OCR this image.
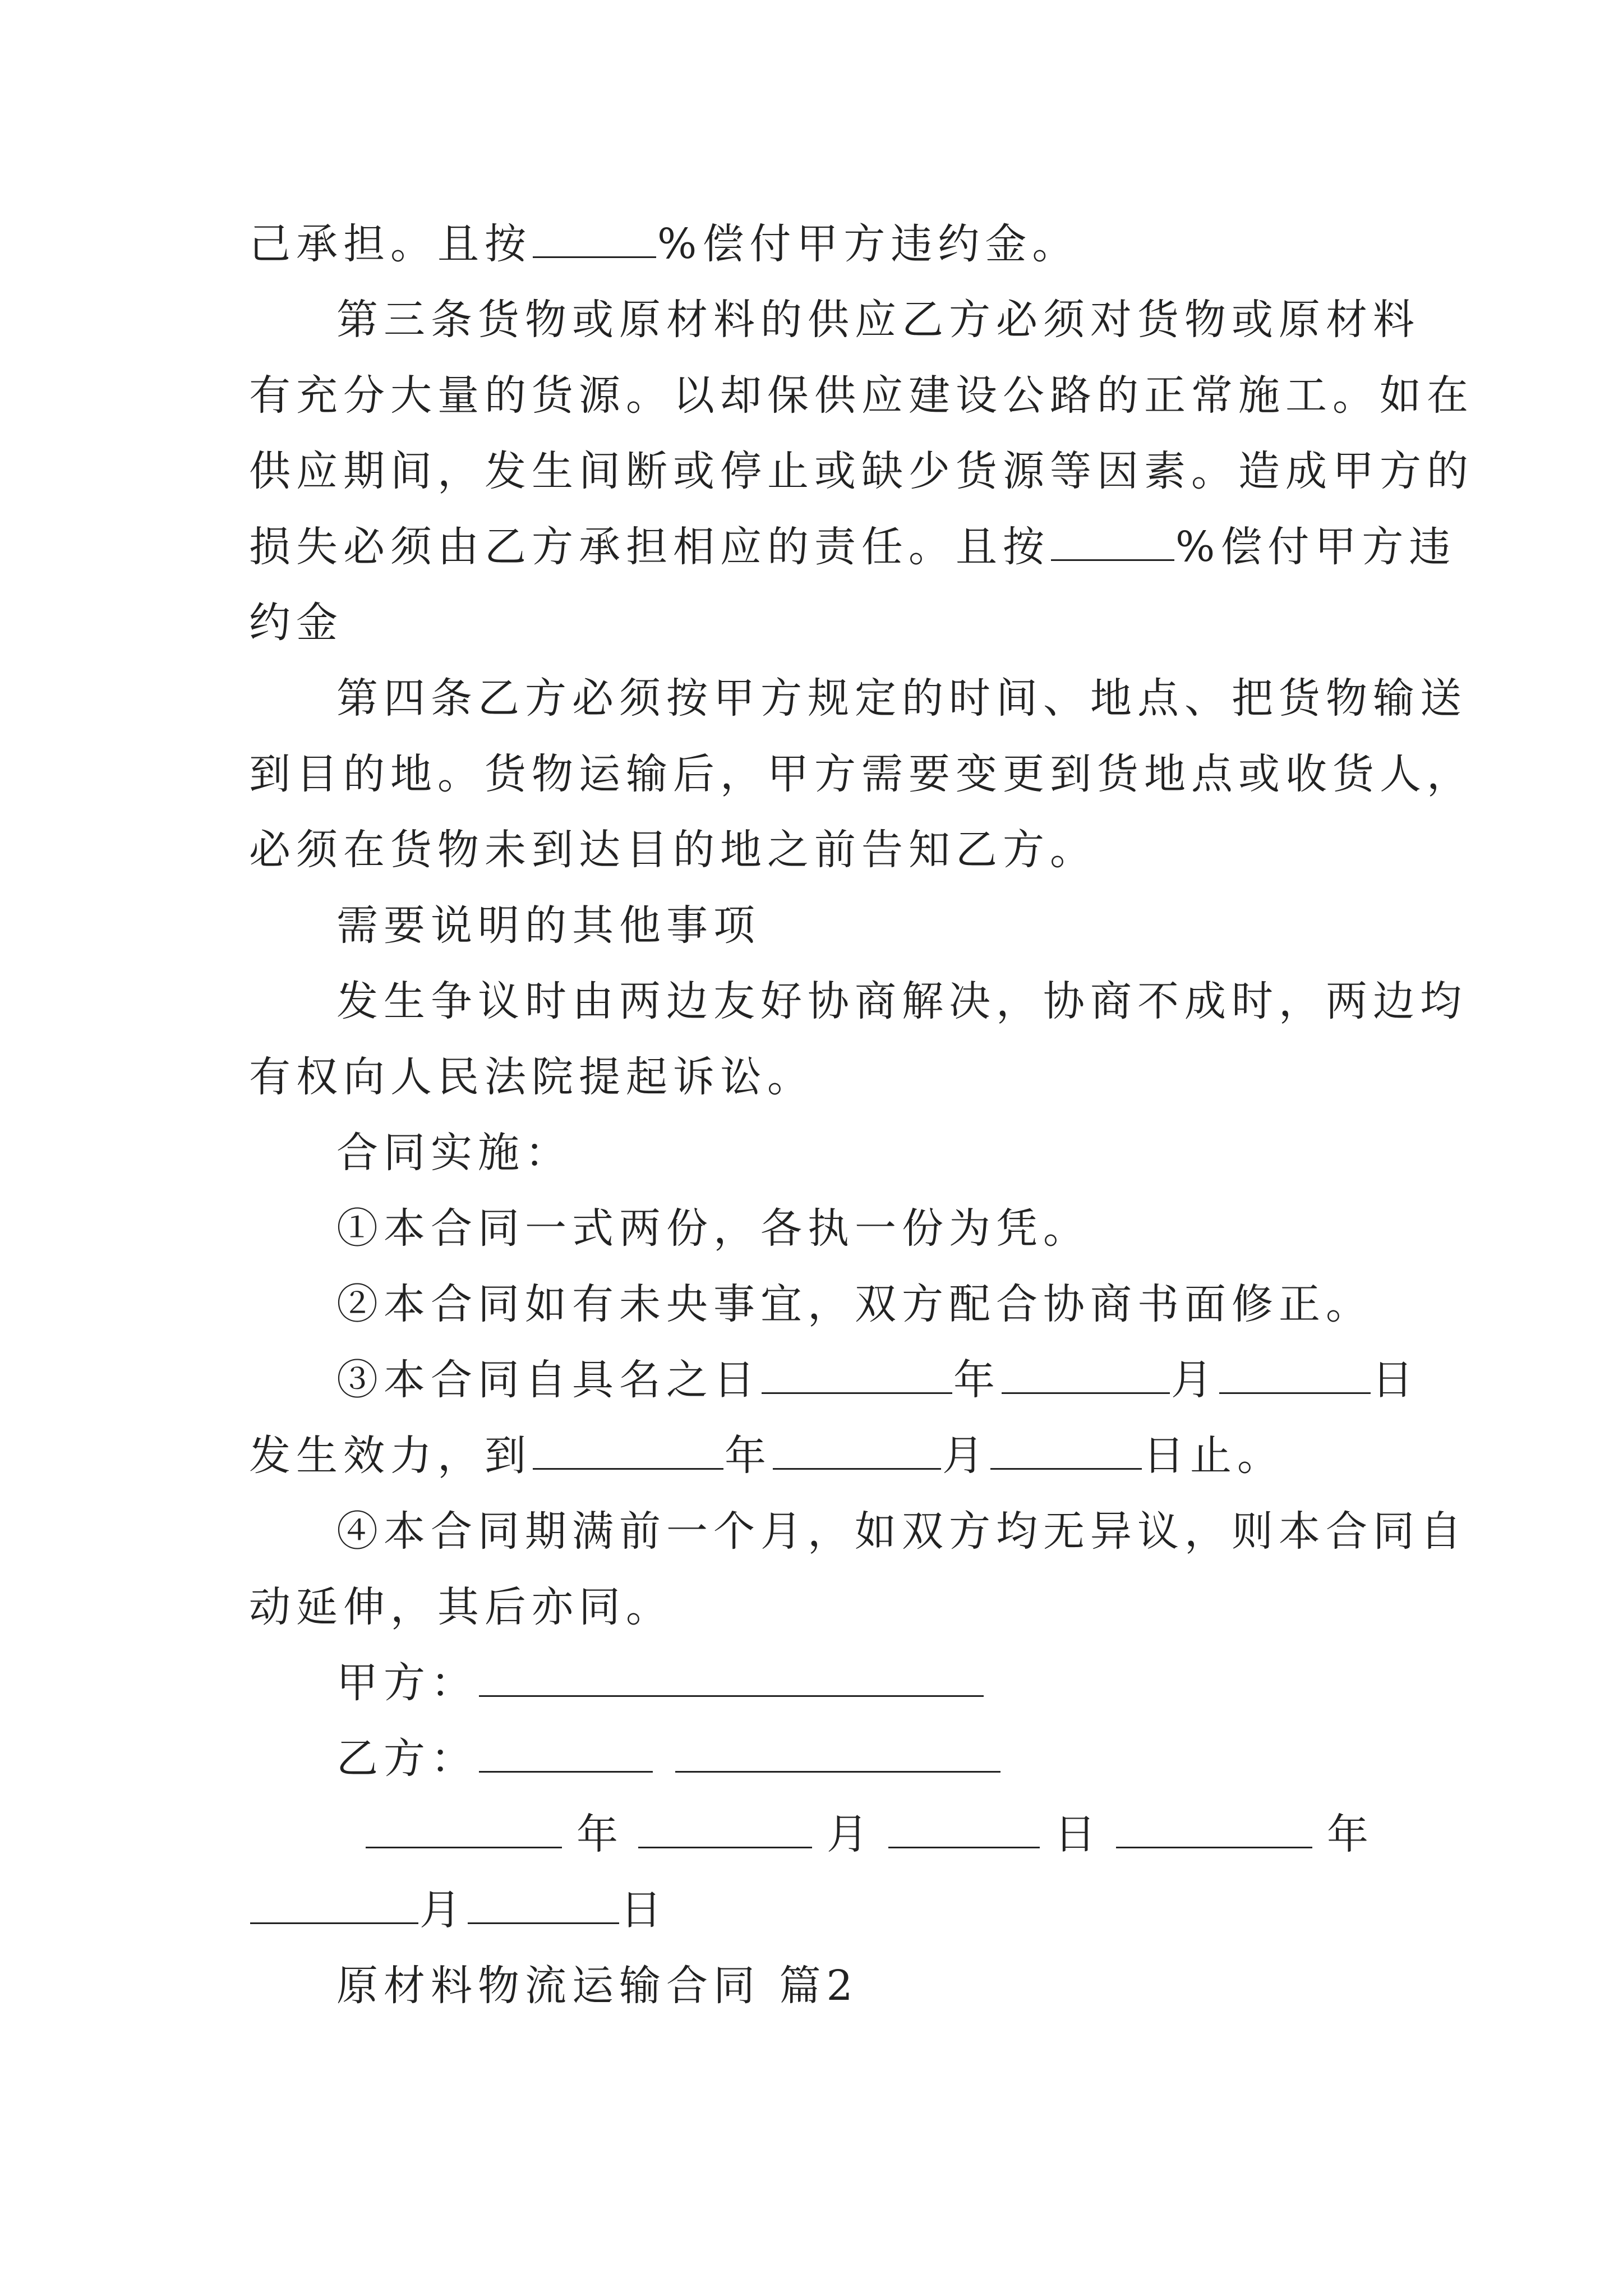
己承担。且按	%偿付甲方违约金。
第三条货物或原材料的供应乙方必须对货物或原材料
有充分大量的货源。以却保供应建设公路的正常施工。如在
供应期间，发生间断或停止或缺少货源等因素。造成甲方的
损失必须由乙方承担相应的责任。且按	%偿付甲方违
约金
第四条乙方必须按甲方规定的时间、地点、把货物输送
到目的地。货物运输后，甲方需要变更到货地点或收货人，
必须在货物未到达目的地之前告知乙方。
需要说明的其他事项
发生争议时由两边友好协商解决，协商不成时，两边均
有权向人民法院提起诉讼。
合同实施：
①本合同一式两份，各执一份为凭。
②本合同如有未央事宜，双方配合协商书面修正。
③本合同自具名之日	年	月	日
发生效力，到	年	月	日止。
④本合同期满前一个月，如双方均无异议，则本合同自
动延伸，其后亦同。
甲方：
乙方：
年	月	日	年
月	日
原材料物流运输合同 篇2
